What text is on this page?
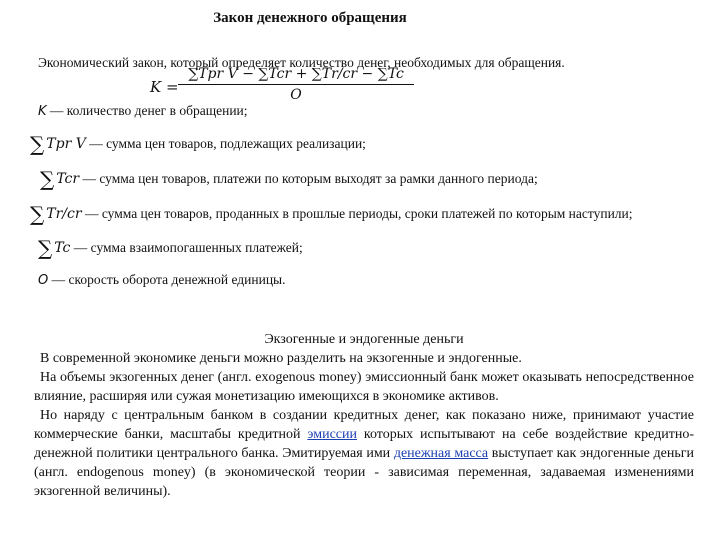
Закон денежного обращения
Экономический закон, который определяет количество денег, необходимых для обращения.
K =
∑Tpr V − ∑Tcr + ∑Tr/cr − ∑Tc
O
K — количество денег в обращении;
∑ Tpr V — сумма цен товаров, подлежащих реализации;
∑ Tcr — сумма цен товаров, платежи по которым выходят за рамки данного периода;
∑ Tr/cr — сумма цен товаров, проданных в прошлые периоды, сроки платежей по которым наступили;
∑ Tc — сумма взаимопогашенных платежей;
O — скорость оборота денежной единицы.
Экзогенные и эндогенные деньги

В современной экономике деньги можно разделить на экзогенные и эндогенные.

На объемы экзогенных денег (англ. exogenous money) эмиссионный банк может оказывать непосредственное влияние, расширяя или сужая монетизацию имеющихся в экономике активов.

Но наряду с центральным банком в создании кредитных денег, как показано ниже, принимают участие коммерческие банки, масштабы кредитной эмиссии которых испытывают на себе воздействие кредитно-денежной политики центрального банка. Эмитируемая ими денежная масса выступает как эндогенные деньги (англ. endogenous money) (в экономической теории - зависимая переменная, задаваемая изменениями экзогенной величины).
